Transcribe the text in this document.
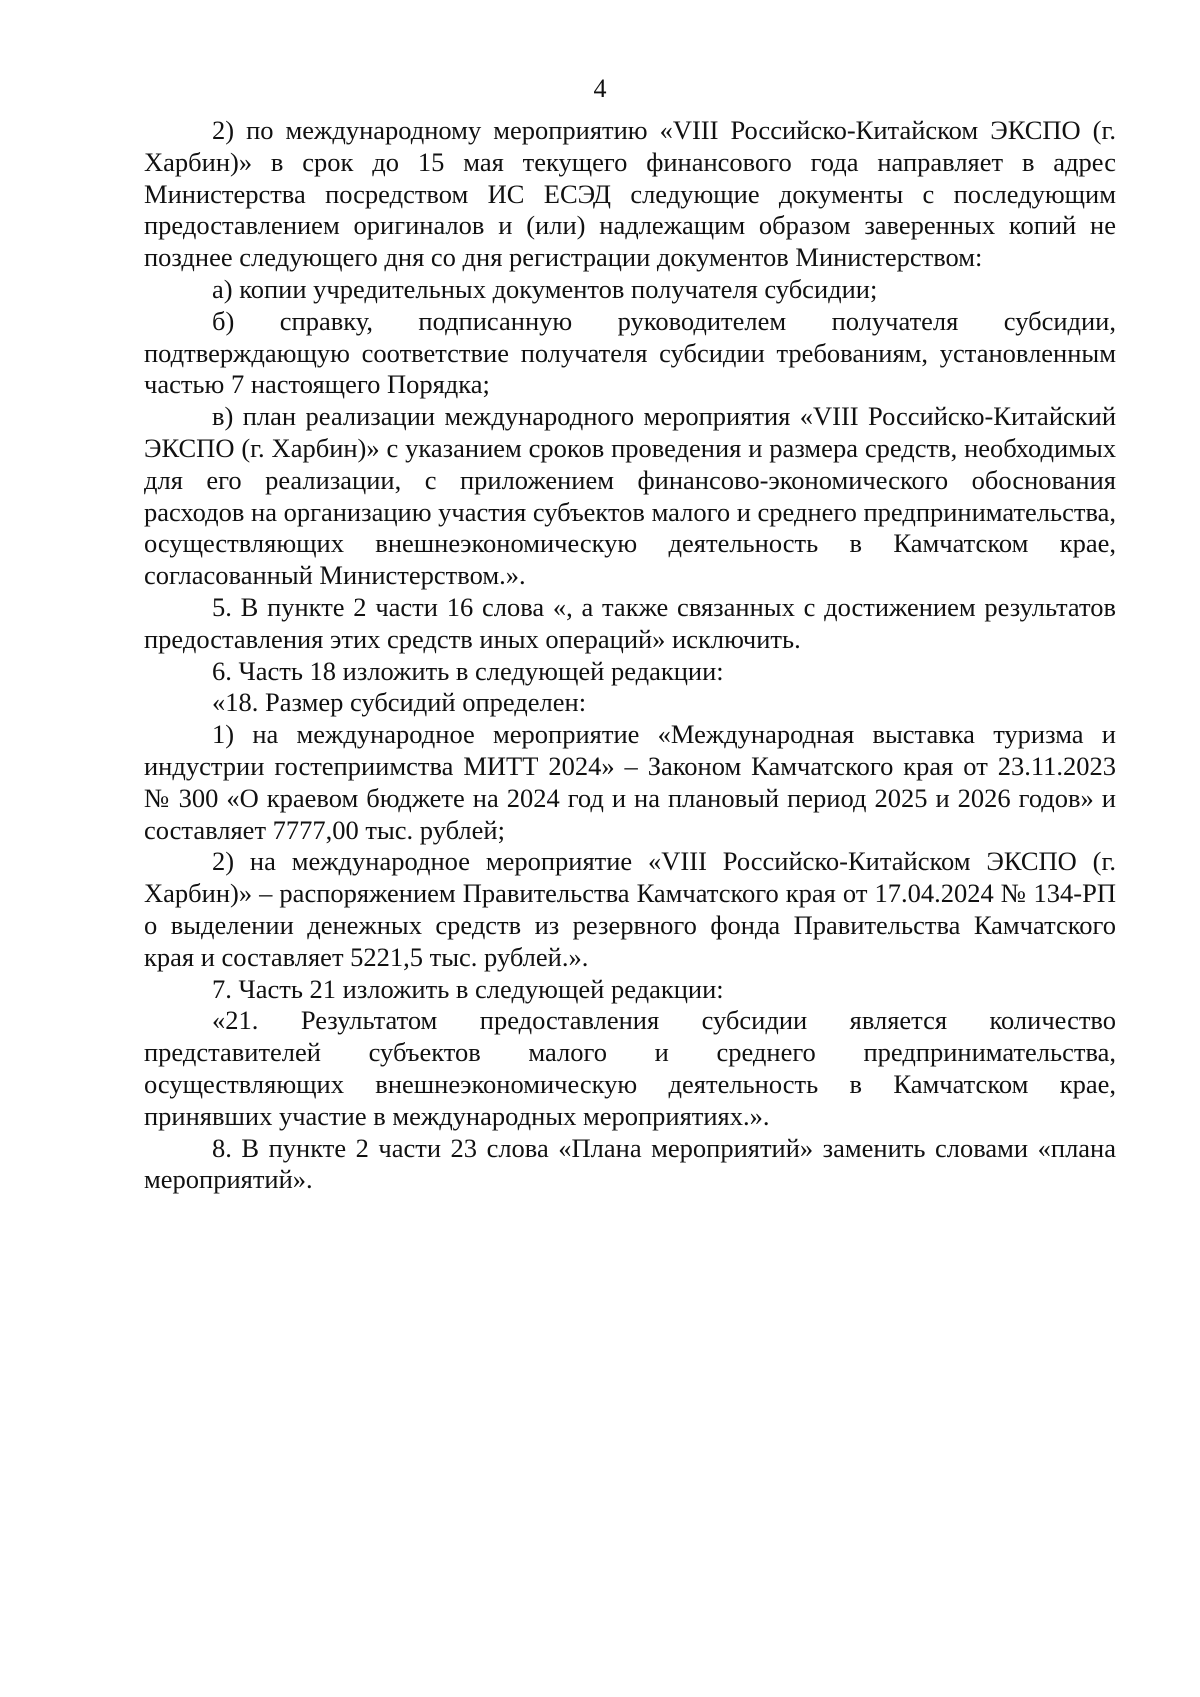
4

2) по международному мероприятию «VIII Российско-Китайском ЭКСПО (г. Харбин)» в срок до 15 мая текущего финансового года направляет в адрес Министерства посредством ИС ЕСЭД следующие документы с последующим предоставлением оригиналов и (или) надлежащим образом заверенных копий не позднее следующего дня со дня регистрации документов Министерством:

а) копии учредительных документов получателя субсидии;

б) справку, подписанную руководителем получателя субсидии, подтверждающую соответствие получателя субсидии требованиям, установленным частью 7 настоящего Порядка;

в) план реализации международного мероприятия «VIII Российско-Китайский ЭКСПО (г. Харбин)» с указанием сроков проведения и размера средств, необходимых для его реализации, с приложением финансово-экономического обоснования расходов на организацию участия субъектов малого и среднего предпринимательства, осуществляющих внешнеэкономическую деятельность в Камчатском крае, согласованный Министерством.».

5. В пункте 2 части 16 слова «, а также связанных с достижением результатов предоставления этих средств иных операций» исключить.

6. Часть 18 изложить в следующей редакции:

«18. Размер субсидий определен:

1) на международное мероприятие «Международная выставка туризма и индустрии гостеприимства МИТТ 2024» – Законом Камчатского края от 23.11.2023 № 300 «О краевом бюджете на 2024 год и на плановый период 2025 и 2026 годов» и составляет 7777,00 тыс. рублей;

2) на международное мероприятие «VIII Российско-Китайском ЭКСПО (г. Харбин)» – распоряжением Правительства Камчатского края от 17.04.2024 № 134-РП о выделении денежных средств из резервного фонда Правительства Камчатского края и составляет 5221,5 тыс. рублей.».

7. Часть 21 изложить в следующей редакции:

«21. Результатом предоставления субсидии является количество представителей субъектов малого и среднего предпринимательства, осуществляющих внешнеэкономическую деятельность в Камчатском крае, принявших участие в международных мероприятиях.».

8. В пункте 2 части 23 слова «Плана мероприятий» заменить словами «плана мероприятий».
